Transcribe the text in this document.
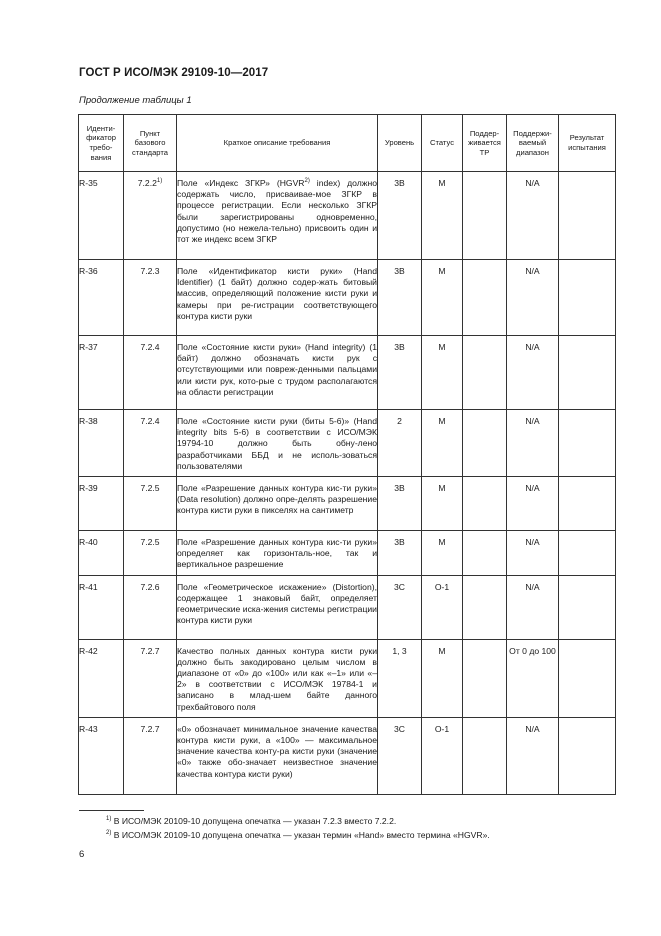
ГОСТ Р ИСО/МЭК 29109-10—2017
Продолжение таблицы 1
Иденти-фикатор требо-вания	Пункт базового стандарта	Краткое описание требования	Уровень	Статус	Поддер-живается ТР	Поддержи-ваемый диапазон	Результат испытания
R-35	7.2.2$^{1)}$	Поле «Индекс ЗГКР» (HGVR$^{2)}$ index) должно содержать число, присваивае-мое ЗГКР в процессе регистрации. Если несколько ЗГКР были зарегистрированы одновременно, допустимо (но нежела-тельно) присвоить один и тот же индекс всем ЗГКР	3B	M		N/A	
R-36	7.2.3	Поле «Идентификатор кисти руки» (Hand Identifier) (1 байт) должно содер-жать битовый массив, определяющий положение кисти руки и камеры при ре-гистрации соответствующего контура кисти руки	3B	M		N/A	
R-37	7.2.4	Поле «Состояние кисти руки» (Hand integrity) (1 байт) должно обозначать кисти рук с отсутствующими или повреж-денными пальцами или кисти рук, кото-рые с трудом располагаются на области регистрации	3B	M		N/A	
R-38	7.2.4	Поле «Состояние кисти руки (биты 5-6)» (Hand integrity bits 5-6) в соответствии с ИСО/МЭК 19794-10 должно быть обну-лено разработчиками ББД и не исполь-зоваться пользователями	2	M		N/A	
R-39	7.2.5	Поле «Разрешение данных контура кис-ти руки» (Data resolution) должно опре-делять разрешение контура кисти руки в пикселях на сантиметр	3B	M		N/A	
R-40	7.2.5	Поле «Разрешение данных контура кис-ти руки» определяет как горизонталь-ное, так и вертикальное разрешение	3B	M		N/A	
R-41	7.2.6	Поле «Геометрическое искажение» (Distortion), содержащее 1 знаковый байт, определяет геометрические иска-жения системы регистрации контура кисти руки	3C	O-1		N/A	
R-42	7.2.7	Качество полных данных контура кисти руки должно быть закодировано целым числом в диапазоне от «0» до «100» или как «–1» или «–2» в соответствии с ИСО/МЭК 19784-1 и записано в млад-шем байте данного трехбайтового поля	1, 3	M		От 0 до 100	
R-43	7.2.7	«0» обозначает минимальное значение качества контура кисти руки, а «100» — максимальное значение качества конту-ра кисти руки (значение «0» также обо-значает неизвестное значение качества контура кисти руки)	3C	O-1		N/A	
$^{1)}$ В ИСО/МЭК 20109-10 допущена опечатка — указан 7.2.3 вместо 7.2.2.
$^{2)}$ В ИСО/МЭК 20109-10 допущена опечатка — указан термин «Hand» вместо термина «HGVR».
6
